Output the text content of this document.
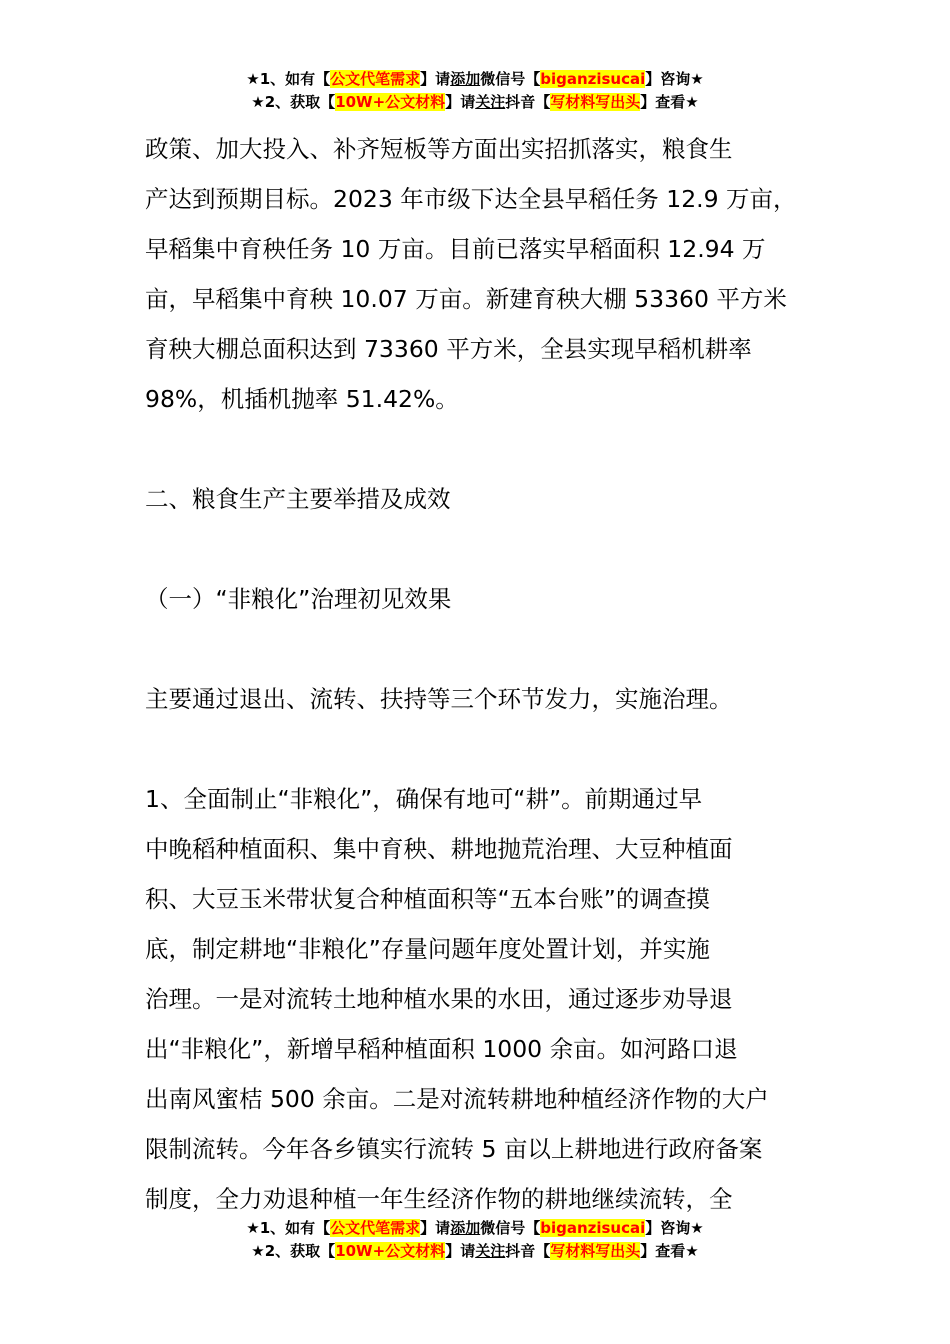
★1、如有【公文代笔需求】请添加微信号【biganzisucai】咨询★
★2、获取【10W+公文材料】请关注抖音【写材料写出头】查看★

政策、加大投入、补齐短板等方面出实招抓落实，粮食生

产达到预期目标。2023 年市级下达全县早稻任务 12.9 万亩，

早稻集中育秧任务 10 万亩。目前已落实早稻面积 12.94 万

亩，早稻集中育秧 10.07 万亩。新建育秧大棚 53360 平方米

育秧大棚总面积达到 73360 平方米，全县实现早稻机耕率

98%，机插机抛率 51.42%。

二、粮食生产主要举措及成效

（一）“非粮化”治理初见效果

主要通过退出、流转、扶持等三个环节发力，实施治理。

1、全面制止“非粮化”，确保有地可“耕”。前期通过早

中晚稻种植面积、集中育秧、耕地抛荒治理、大豆种植面

积、大豆玉米带状复合种植面积等“五本台账”的调查摸

底，制定耕地“非粮化”存量问题年度处置计划，并实施

治理。一是对流转土地种植水果的水田，通过逐步劝导退

出“非粮化”，新增早稻种植面积 1000 余亩。如河路口退

出南风蜜桔 500 余亩。二是对流转耕地种植经济作物的大户

限制流转。今年各乡镇实行流转 5 亩以上耕地进行政府备案

制度，全力劝退种植一年生经济作物的耕地继续流转，全

★1、如有【公文代笔需求】请添加微信号【biganzisucai】咨询★
★2、获取【10W+公文材料】请关注抖音【写材料写出头】查看★
